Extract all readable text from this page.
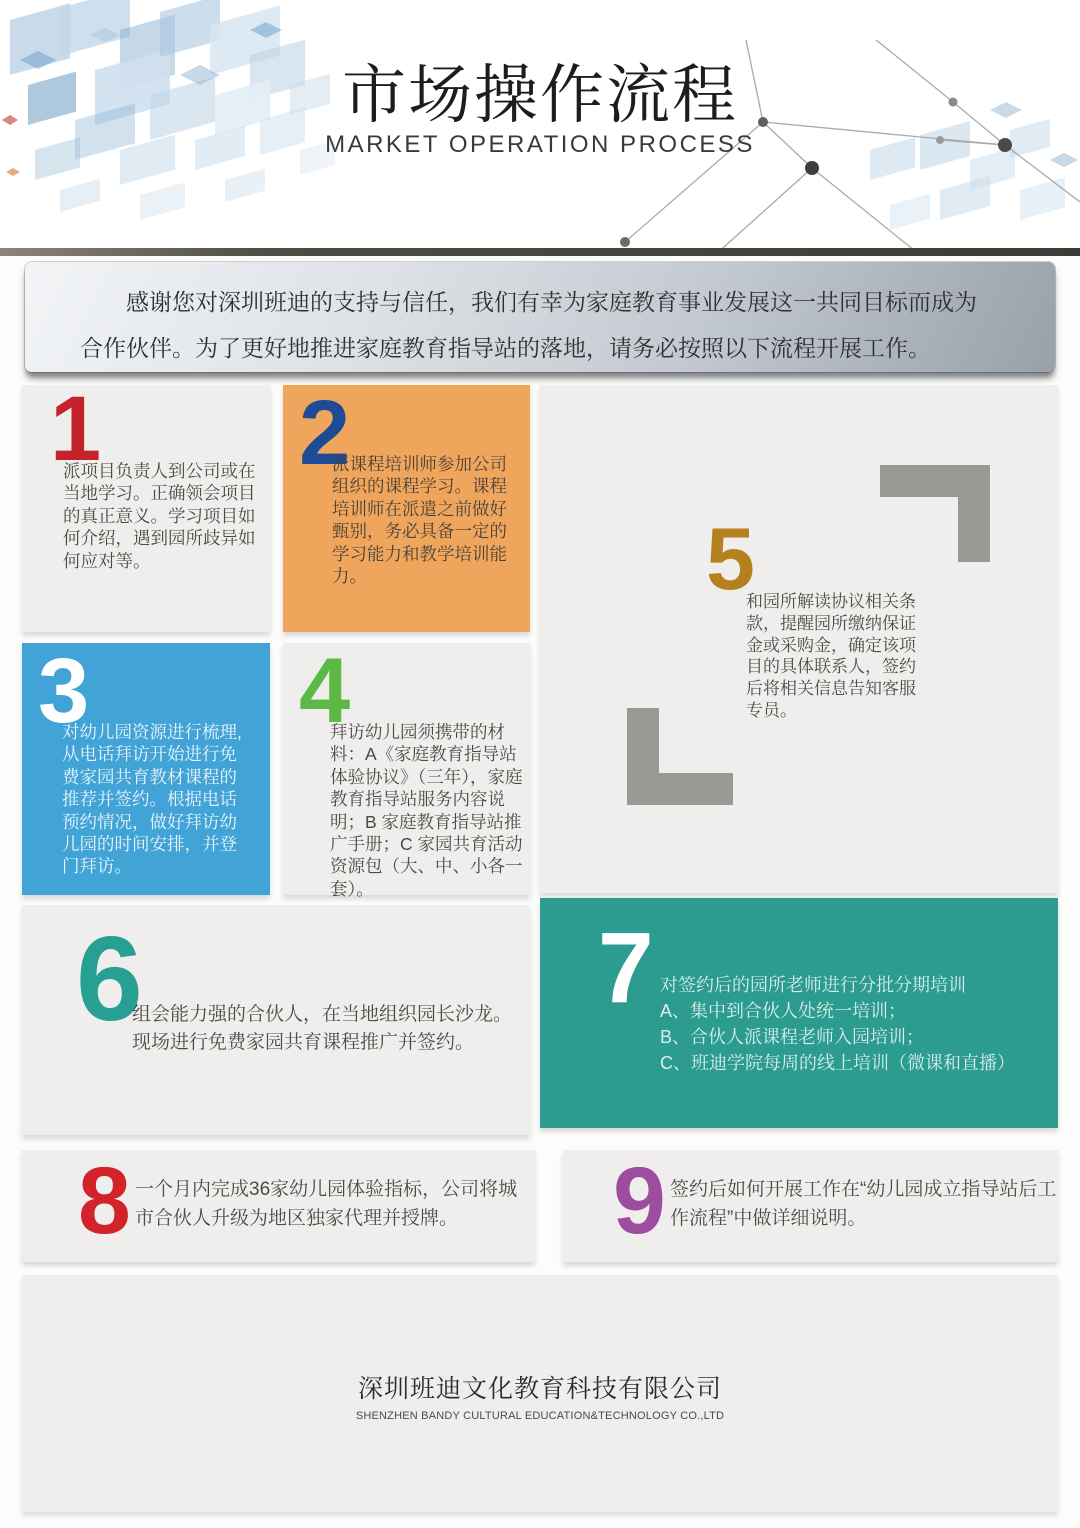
市场操作流程
MARKET OPERATION PROCESS

感谢您对深圳班迪的支持与信任，我们有幸为家庭教育事业发展这一共同目标而成为合作伙伴。为了更好地推进家庭教育指导站的落地，请务必按照以下流程开展工作。

1
派项目负责人到公司或在当地学习。正确领会项目的真正意义。学习项目如何介绍，遇到园所歧异如何应对等。
2
派课程培训师参加公司组织的课程学习。课程培训师在派遣之前做好甄别，务必具备一定的学习能力和教学培训能力。	5
和园所解读协议相关条款，提醒园所缴纳保证金或采购金，确定该项目的具体联系人，签约后将相关信息告知客服专员。
3
对幼儿园资源进行梳理,从电话拜访开始进行免费家园共育教材课程的推荐并签约。根据电话预约情况，做好拜访幼儿园的时间安排，并登门拜访。
4
拜访幼儿园须携带的材料：A《家庭教育指导站体验协议》（三年），家庭教育指导站服务内容说明；B 家庭教育指导站推广手册；C 家园共育活动资源包（大、中、小各一套）。
6
组会能力强的合伙人，在当地组织园长沙龙。现场进行免费家园共育课程推广并签约。
7 对签约后的园所老师进行分批分期培训
A、集中到合伙人处统一培训；
B、合伙人派课程老师入园培训；
C、班迪学院每周的线上培训（微课和直播）
8 一个月内完成36家幼儿园体验指标，公司将城市合伙人升级为地区独家代理并授牌。	9 签约后如何开展工作在“幼儿园成立指导站后工作流程”中做详细说明。
深圳班迪文化教育科技有限公司
SHENZHEN BANDY CULTURAL EDUCATION&TECHNOLOGY CO.,LTD
